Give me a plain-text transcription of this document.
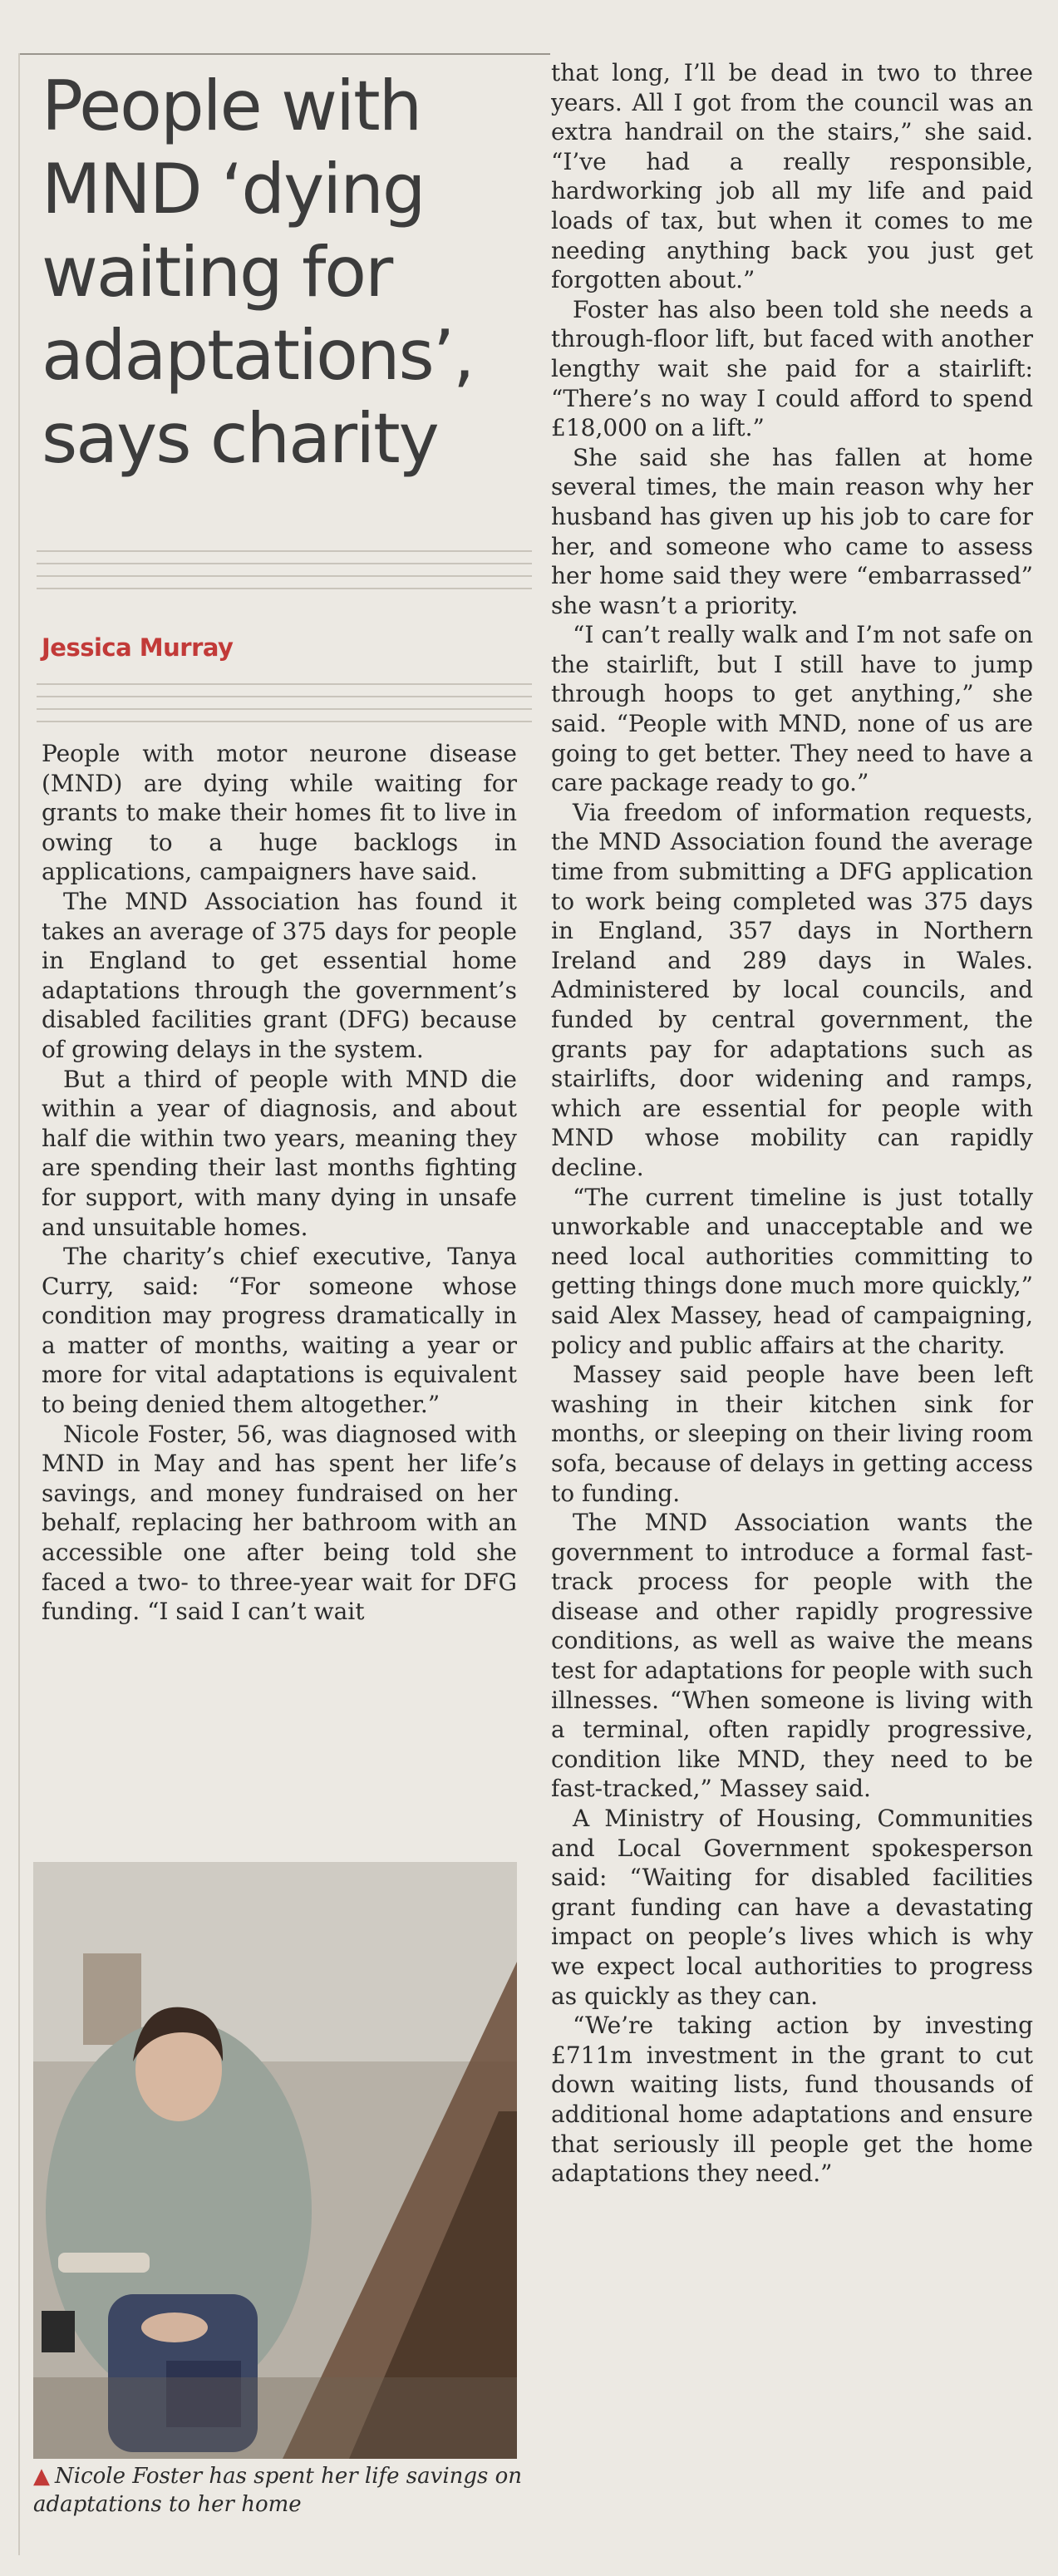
People with MND ‘dying waiting for adaptations’, says charity
Jessica Murray

People with motor neurone disease (MND) are dying while waiting for grants to make their homes fit to live in owing to a huge backlogs in applications, campaigners have said.

The MND Association has found it takes an average of 375 days for people in England to get essential home adaptations through the government’s disabled facilities grant (DFG) because of growing delays in the system.

But a third of people with MND die within a year of diagnosis, and about half die within two years, meaning they are spending their last months fighting for support, with many dying in unsafe and unsuitable homes.

The charity’s chief executive, Tanya Curry, said: “For someone whose condition may progress dramatically in a matter of months, waiting a year or more for vital adaptations is equivalent to being denied them altogether.”

Nicole Foster, 56, was diagnosed with MND in May and has spent her life’s savings, and money fundraised on her behalf, replacing her bathroom with an accessible one after being told she faced a two- to three-year wait for DFG funding. “I said I can’t wait

▲ Nicole Foster has spent her life savings on adaptations to her home

that long, I’ll be dead in two to three years. All I got from the council was an extra handrail on the stairs,” she said. “I’ve had a really responsible, hardworking job all my life and paid loads of tax, but when it comes to me needing anything back you just get forgotten about.”

Foster has also been told she needs a through-floor lift, but faced with another lengthy wait she paid for a stairlift: “There’s no way I could afford to spend £18,000 on a lift.”

She said she has fallen at home several times, the main reason why her husband has given up his job to care for her, and someone who came to assess her home said they were “embarrassed” she wasn’t a priority.

“I can’t really walk and I’m not safe on the stairlift, but I still have to jump through hoops to get anything,” she said. “People with MND, none of us are going to get better. They need to have a care package ready to go.”

Via freedom of information requests, the MND Association found the average time from submitting a DFG application to work being completed was 375 days in England, 357 days in Northern Ireland and 289 days in Wales. Administered by local councils, and funded by central government, the grants pay for adaptations such as stairlifts, door widening and ramps, which are essential for people with MND whose mobility can rapidly decline.

“The current timeline is just totally unworkable and unacceptable and we need local authorities committing to getting things done much more quickly,” said Alex Massey, head of campaigning, policy and public affairs at the charity.

Massey said people have been left washing in their kitchen sink for months, or sleeping on their living room sofa, because of delays in getting access to funding.

The MND Association wants the government to introduce a formal fast-track process for people with the disease and other rapidly progressive conditions, as well as waive the means test for adaptations for people with such illnesses. “When someone is living with a terminal, often rapidly progressive, condition like MND, they need to be fast-tracked,” Massey said.

A Ministry of Housing, Communities and Local Government spokesperson said: “Waiting for disabled facilities grant funding can have a devastating impact on people’s lives which is why we expect local authorities to progress as quickly as they can.

“We’re taking action by investing £711m investment in the grant to cut down waiting lists, fund thousands of additional home adaptations and ensure that seriously ill people get the home adaptations they need.”
